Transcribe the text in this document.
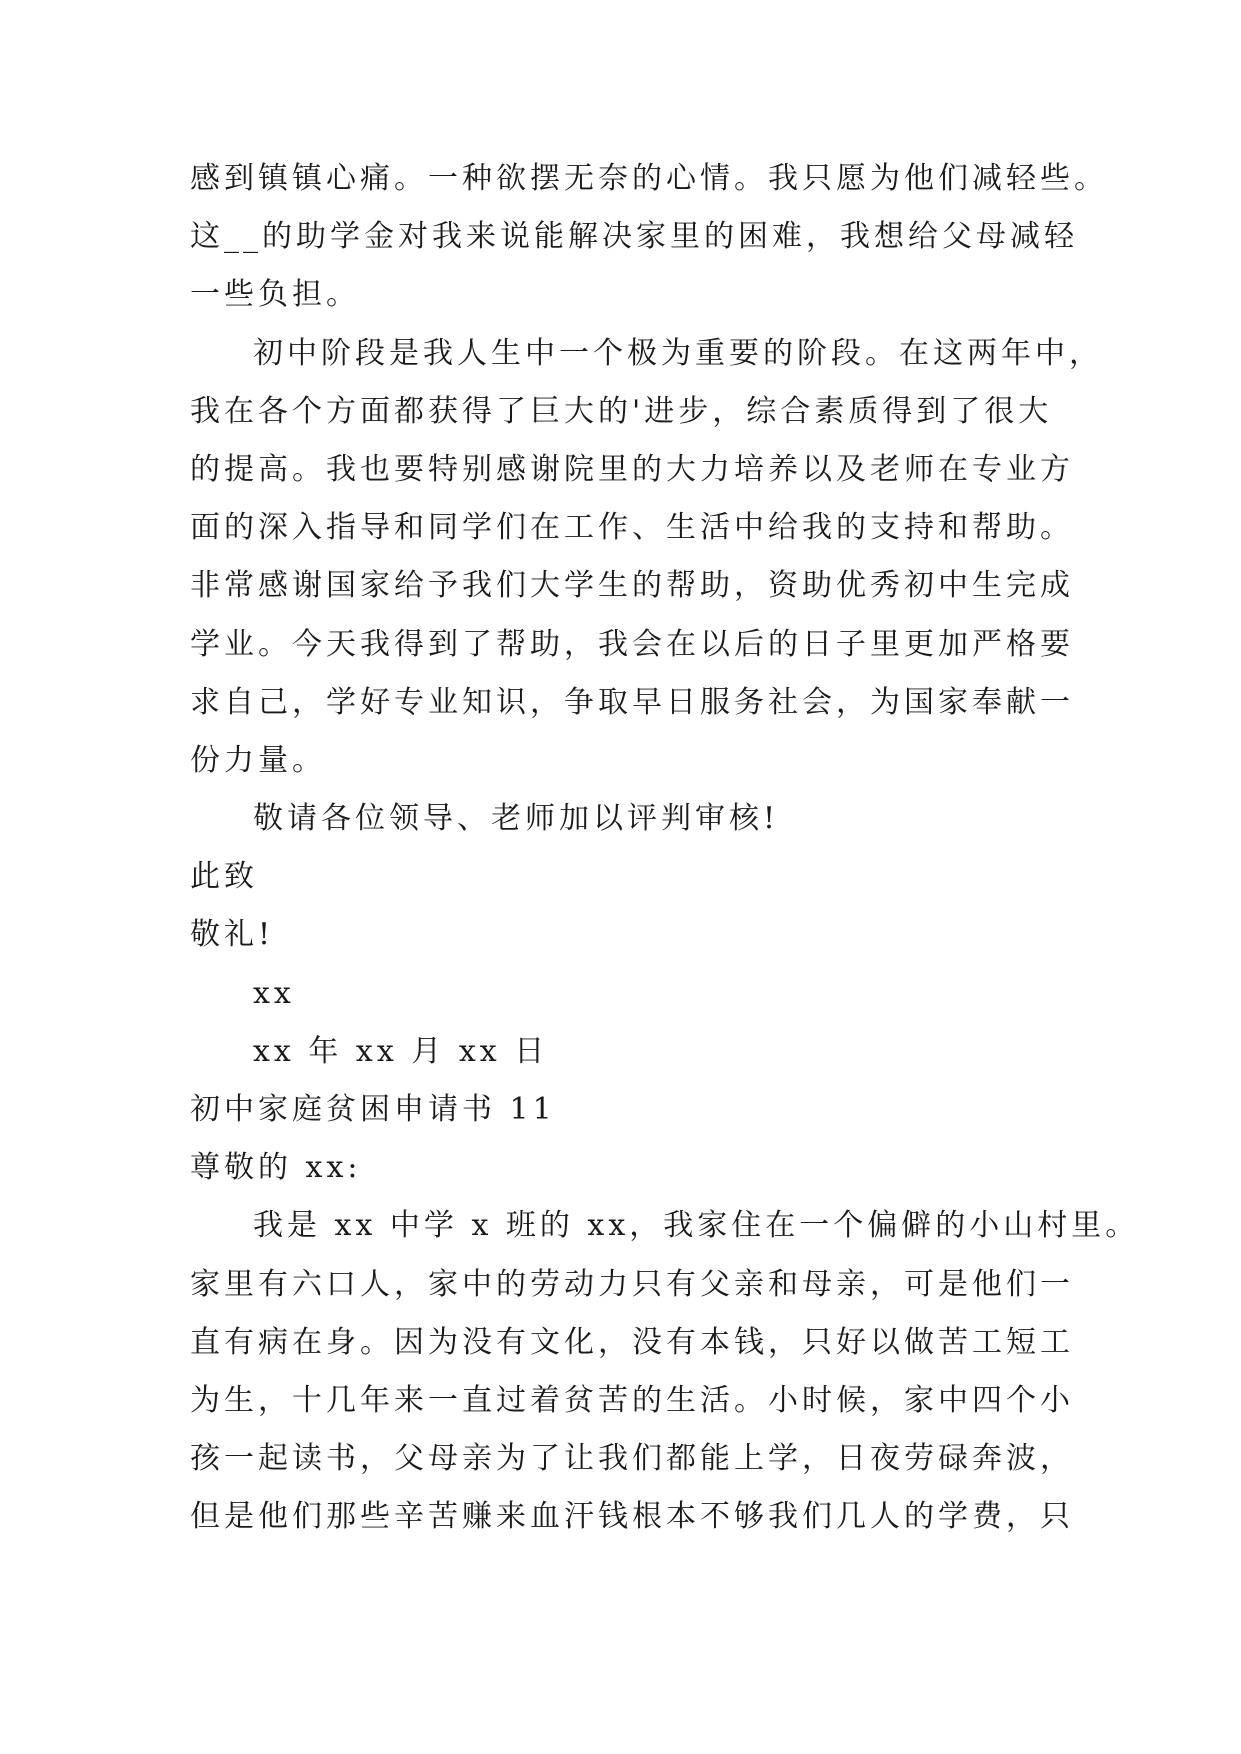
感到镇镇心痛。一种欲摆无奈的心情。我只愿为他们减轻些。
这__的助学金对我来说能解决家里的困难，我想给父母减轻
一些负担。
初中阶段是我人生中一个极为重要的阶段。在这两年中，
我在各个方面都获得了巨大的'进步，综合素质得到了很大
的提高。我也要特别感谢院里的大力培养以及老师在专业方
面的深入指导和同学们在工作、生活中给我的支持和帮助。
非常感谢国家给予我们大学生的帮助，资助优秀初中生完成
学业。今天我得到了帮助，我会在以后的日子里更加严格要
求自己，学好专业知识，争取早日服务社会，为国家奉献一
份力量。
敬请各位领导、老师加以评判审核!
此致
敬礼!
xx
xx 年 xx 月 xx 日
初中家庭贫困申请书 11
尊敬的 xx:
我是 xx 中学 x 班的 xx，我家住在一个偏僻的小山村里。
家里有六口人，家中的劳动力只有父亲和母亲，可是他们一
直有病在身。因为没有文化，没有本钱，只好以做苦工短工
为生，十几年来一直过着贫苦的生活。小时候，家中四个小
孩一起读书，父母亲为了让我们都能上学，日夜劳碌奔波，
但是他们那些辛苦赚来血汗钱根本不够我们几人的学费，只
